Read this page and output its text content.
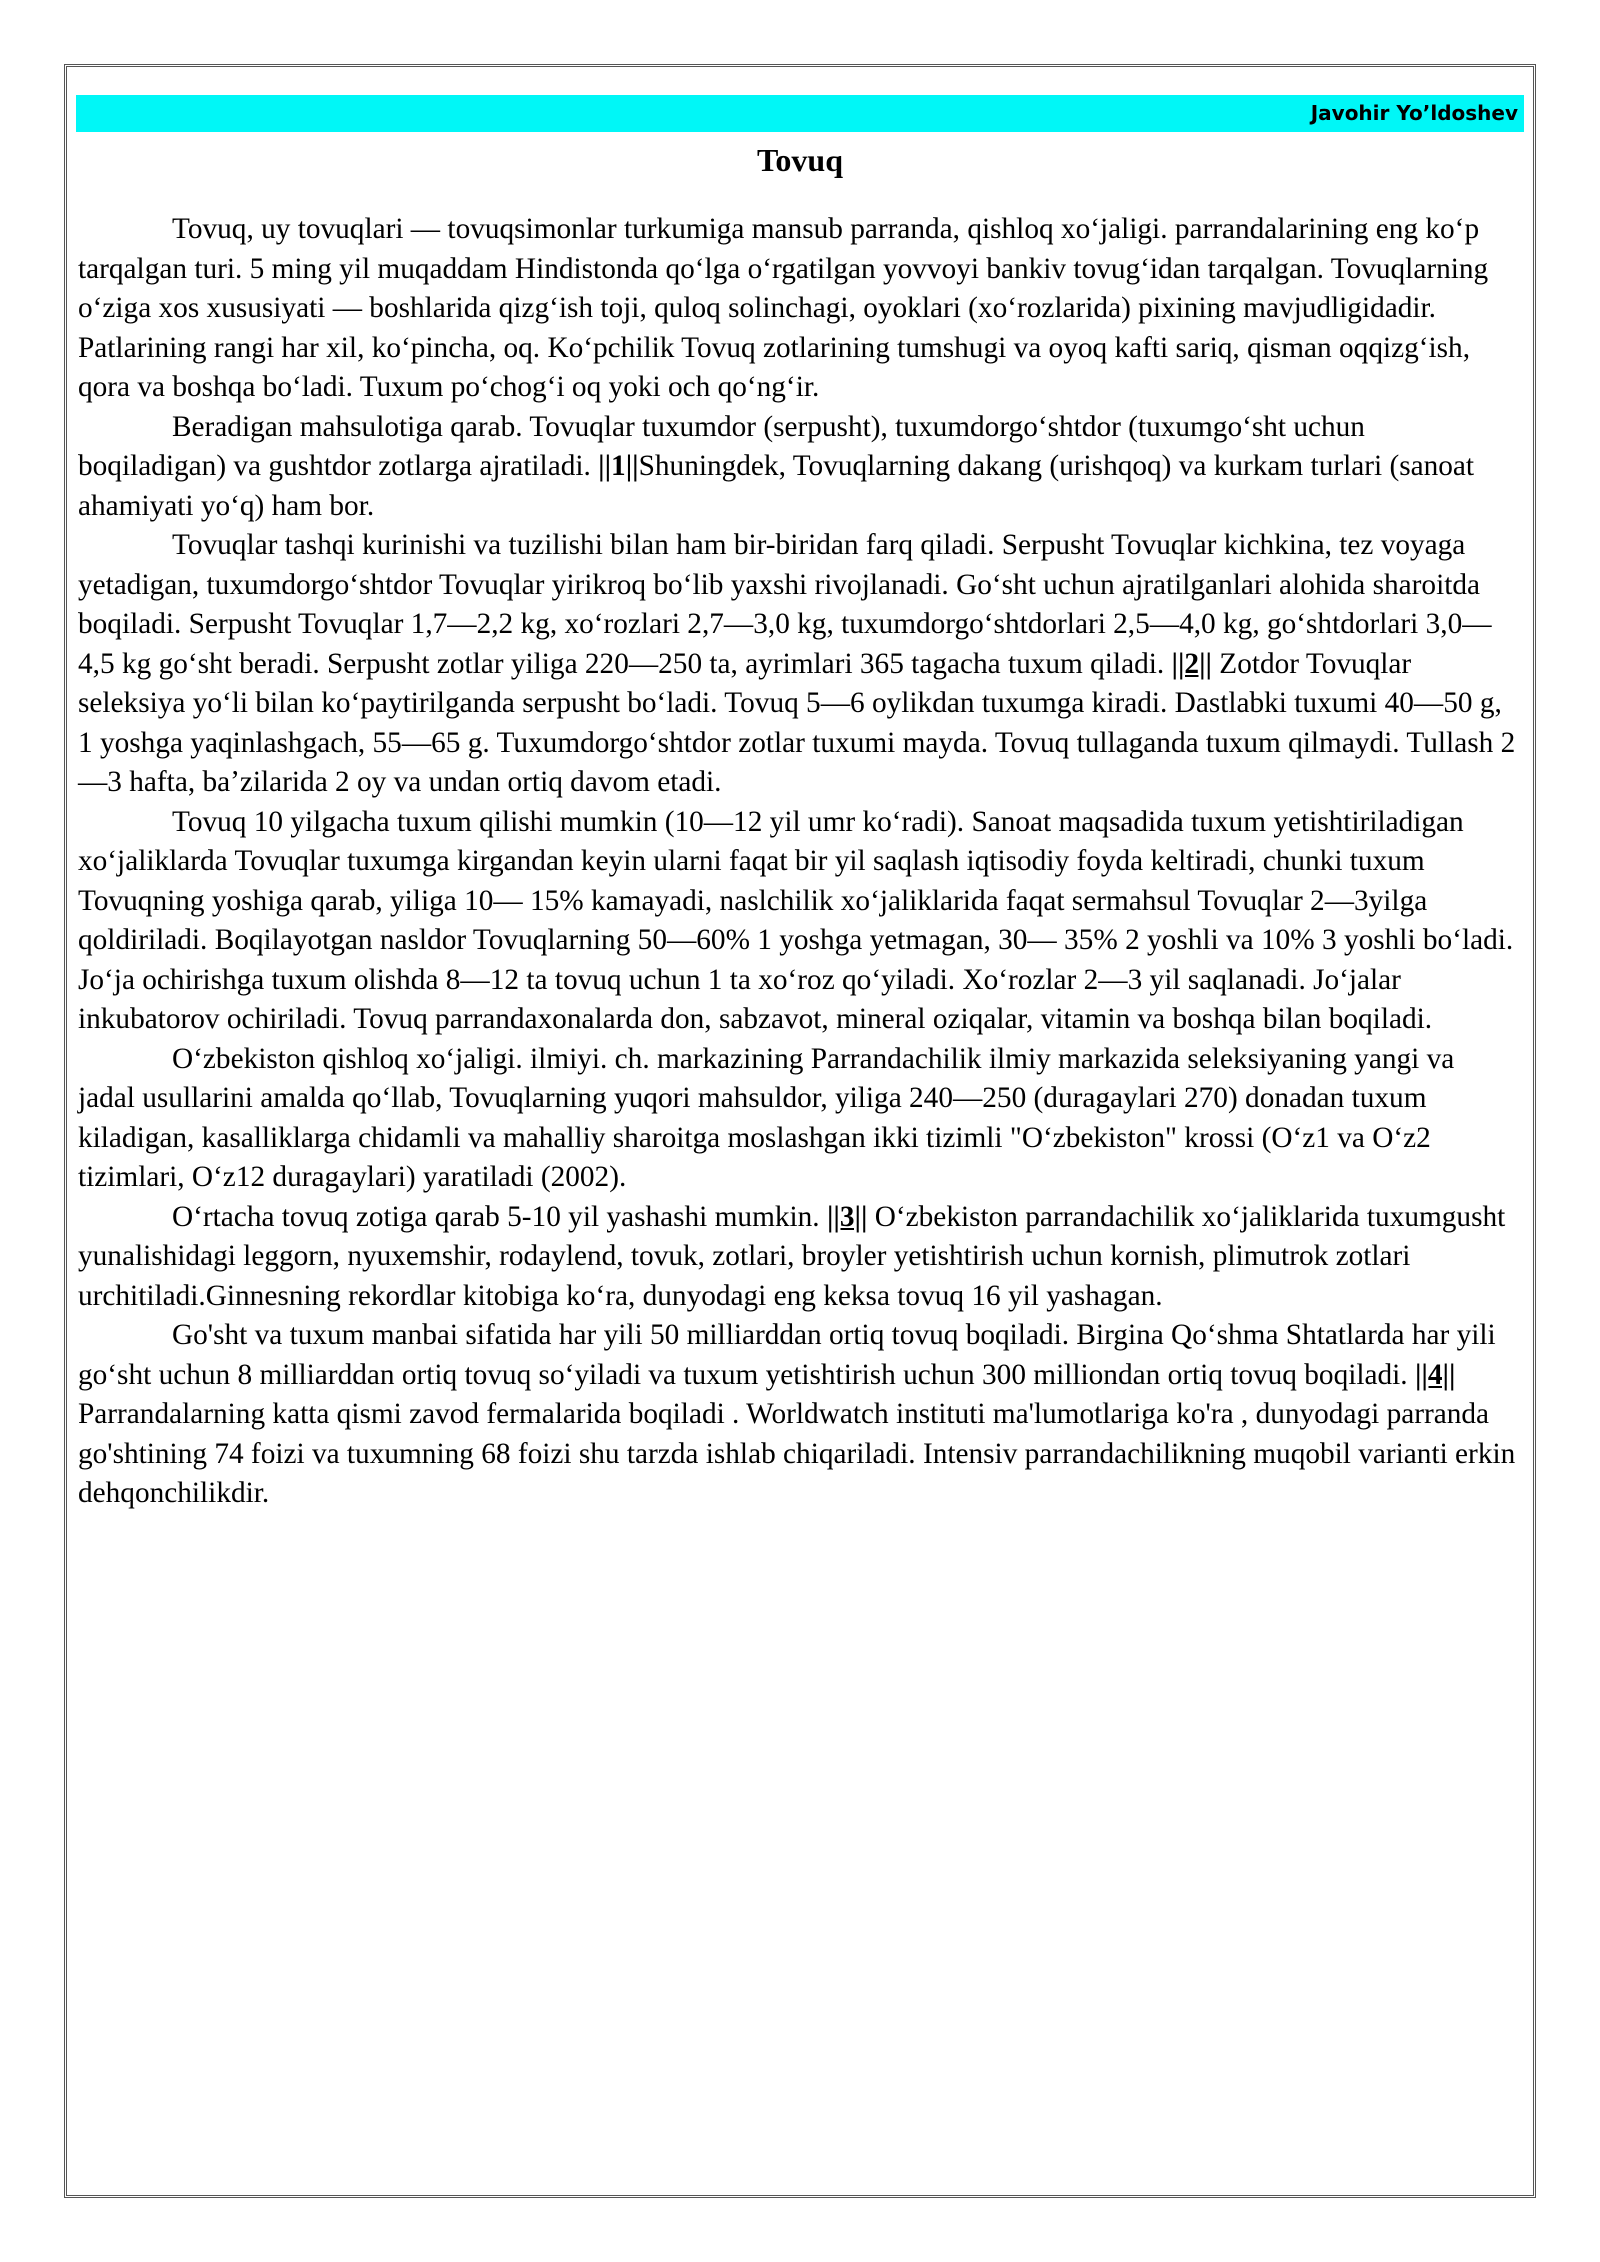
Javohir Yo’ldoshev
Tovuq

Tovuq, uy tovuqlari — tovuqsimonlar turkumiga mansub parranda, qishloq xoʻjaligi. parrandalarining eng koʻp tarqalgan turi. 5 ming yil muqaddam Hindistonda qoʻlga oʻrgatilgan yovvoyi bankiv tovugʻidan tarqalgan. Tovuqlarning oʻziga xos xususiyati — boshlarida qizgʻish toji, quloq solinchagi, oyoklari (xoʻrozlarida) pixining mavjudligidadir. Patlarining rangi har xil, koʻpincha, oq. Koʻpchilik Tovuq zotlarining tumshugi va oyoq kafti sariq, qisman oqqizgʻish, qora va boshqa boʻladi. Tuxum poʻchogʻi oq yoki och qoʻngʻir.

Beradigan mahsulotiga qarab. Tovuqlar tuxumdor (serpusht), tuxumdorgoʻshtdor (tuxumgoʻsht uchun boqiladigan) va gushtdor zotlarga ajratiladi. ||1||Shuningdek, Tovuqlarning dakang (urishqoq) va kurkam turlari (sanoat ahamiyati yoʻq) ham bor.

Tovuqlar tashqi kurinishi va tuzilishi bilan ham bir-biridan farq qiladi. Serpusht Tovuqlar kichkina, tez voyaga yetadigan, tuxumdorgoʻshtdor Tovuqlar yirikroq boʻlib yaxshi rivojlanadi. Goʻsht uchun ajratilganlari alohida sharoitda boqiladi. Serpusht Tovuqlar 1,7—2,2 kg, xoʻrozlari 2,7—3,0 kg, tuxumdorgoʻshtdorlari 2,5—4,0 kg, goʻshtdorlari 3,0—4,5 kg goʻsht beradi. Serpusht zotlar yiliga 220—250 ta, ayrimlari 365 tagacha tuxum qiladi. ||2|| Zotdor Tovuqlar seleksiya yoʻli bilan koʻpaytirilganda serpusht boʻladi. Tovuq 5—6 oylikdan tuxumga kiradi. Dastlabki tuxumi 40—50 g, 1 yoshga yaqinlashgach, 55—65 g. Tuxumdorgoʻshtdor zotlar tuxumi mayda. Tovuq tullaganda tuxum qilmaydi. Tullash 2—3 hafta, baʼzilarida 2 oy va undan ortiq davom etadi.

Tovuq 10 yilgacha tuxum qilishi mumkin (10—12 yil umr koʻradi). Sanoat maqsadida tuxum yetishtiriladigan xoʻjaliklarda Tovuqlar tuxumga kirgandan keyin ularni faqat bir yil saqlash iqtisodiy foyda keltiradi, chunki tuxum Tovuqning yoshiga qarab, yiliga 10— 15% kamayadi, naslchilik xoʻjaliklarida faqat sermahsul Tovuqlar 2—3yilga qoldiriladi. Boqilayotgan nasldor Tovuqlarning 50—60% 1 yoshga yetmagan, 30— 35% 2 yoshli va 10% 3 yoshli boʻladi. Joʻja ochirishga tuxum olishda 8—12 ta tovuq uchun 1 ta xoʻroz qoʻyiladi. Xoʻrozlar 2—3 yil saqlanadi. Joʻjalar inkubatorov ochiriladi. Tovuq parrandaxonalarda don, sabzavot, mineral oziqalar, vitamin va boshqa bilan boqiladi.

Oʻzbekiston qishloq xoʻjaligi. ilmiyi. ch. markazining Parrandachilik ilmiy markazida seleksiyaning yangi va jadal usullarini amalda qoʻllab, Tovuqlarning yuqori mahsuldor, yiliga 240—250 (duragaylari 270) donadan tuxum kiladigan, kasalliklarga chidamli va mahalliy sharoitga moslashgan ikki tizimli "Oʻzbekiston" krossi (Oʻz1 va Oʻz2 tizimlari, Oʻz12 duragaylari) yaratiladi (2002).

Oʻrtacha tovuq zotiga qarab 5-10 yil yashashi mumkin. ||3|| Oʻzbekiston parrandachilik xoʻjaliklarida tuxumgusht yunalishidagi leggorn, nyuxemshir, rodaylend, tovuk, zotlari, broyler yetishtirish uchun kornish, plimutrok zotlari urchitiladi.Ginnesning rekordlar kitobiga koʻra, dunyodagi eng keksa tovuq 16 yil yashagan.

Go'sht va tuxum manbai sifatida har yili 50 milliarddan ortiq tovuq boqiladi. Birgina Qoʻshma Shtatlarda har yili goʻsht uchun 8 milliarddan ortiq tovuq soʻyiladi va tuxum yetishtirish uchun 300 milliondan ortiq tovuq boqiladi. ||4|| Parrandalarning katta qismi zavod fermalarida boqiladi . Worldwatch instituti ma'lumotlariga ko'ra , dunyodagi parranda go'shtining 74 foizi va tuxumning 68 foizi shu tarzda ishlab chiqariladi. Intensiv parrandachilikning muqobil varianti erkin dehqonchilikdir.
